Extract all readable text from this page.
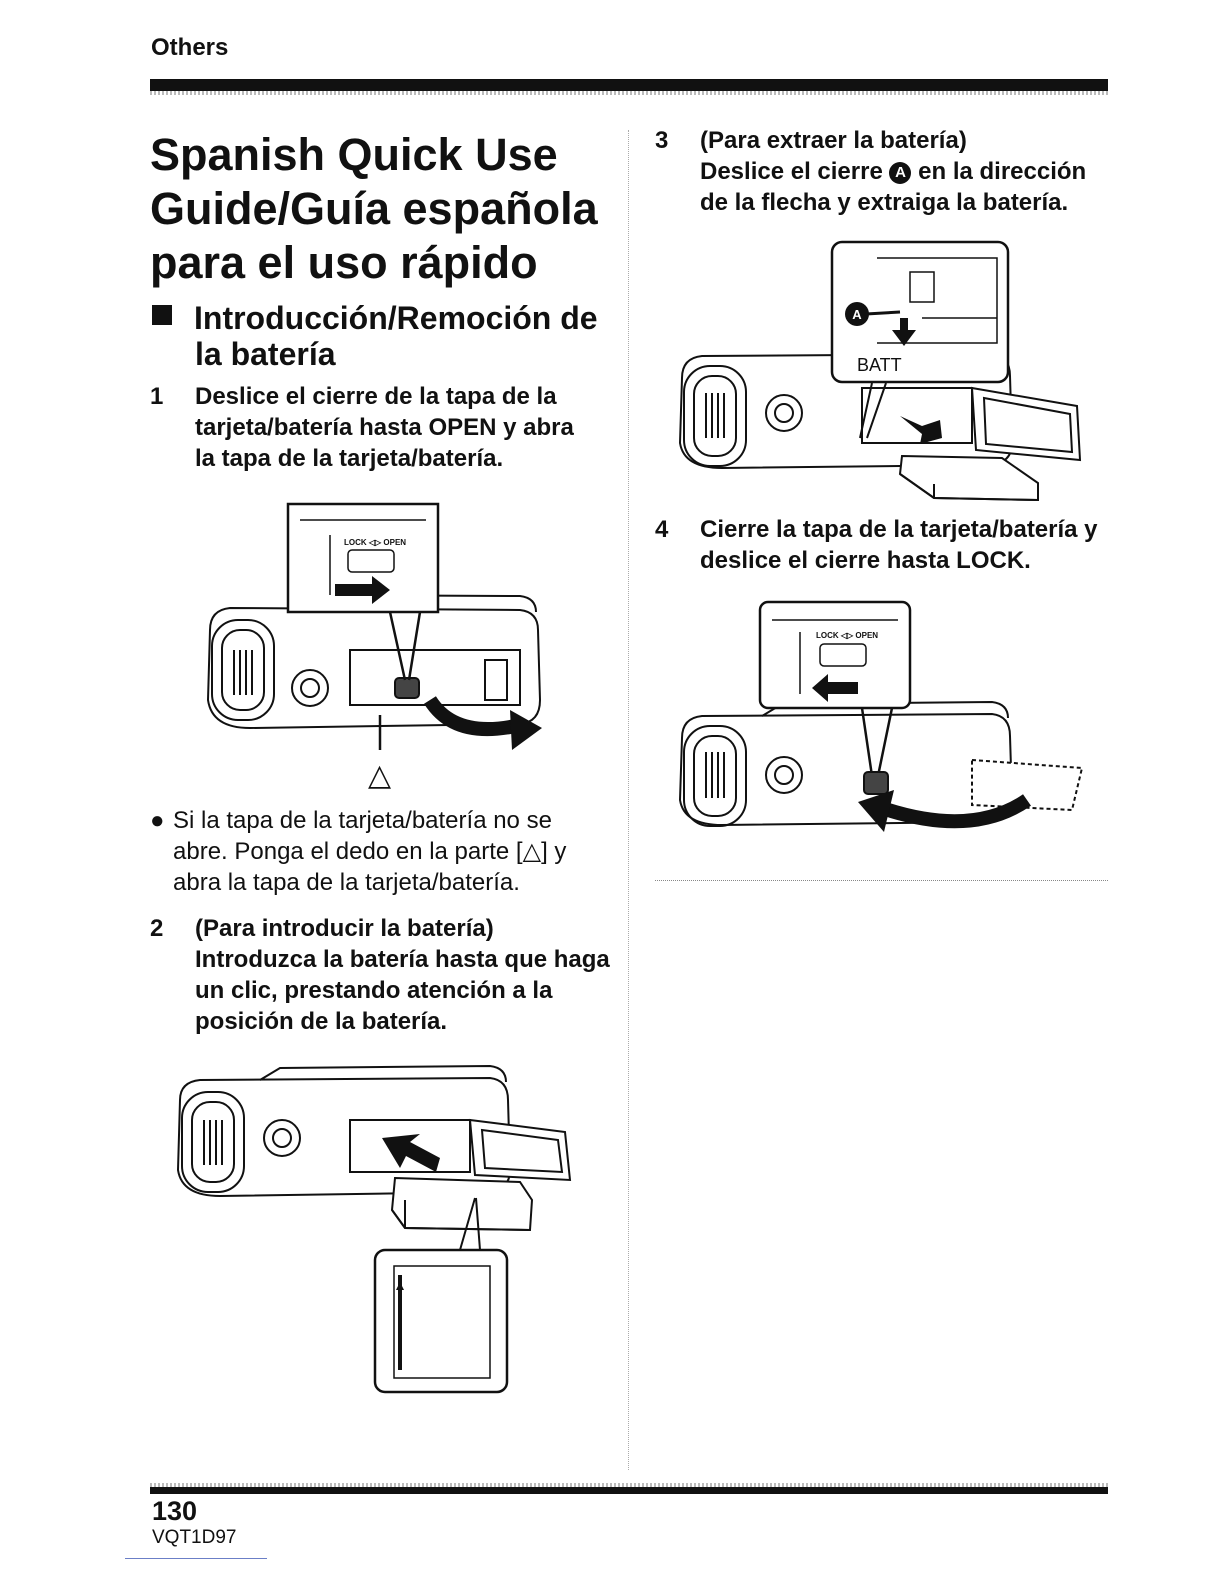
Others
Spanish Quick Use
Guide/Guía española
para el uso rápido
Introducción/Remoción de
la batería
1	Deslice el cierre de la tapa de la tarjeta/batería hasta OPEN y abra la tapa de la tarjeta/batería.
LOCK ◁▷ OPEN
△
● Si la tapa de la tarjeta/batería no se abre. Ponga el dedo en la parte [△] y abra la tapa de la tarjeta/batería.
2	(Para introducir la batería) Introduzca la batería hasta que haga un clic, prestando atención a la posición de la batería.
3	(Para extraer la batería)
Deslice el cierre A en la dirección de la flecha y extraiga la batería.
A
BATT
4	Cierre la tapa de la tarjeta/batería y deslice el cierre hasta LOCK.
LOCK ◁▷ OPEN
130
VQT1D97
